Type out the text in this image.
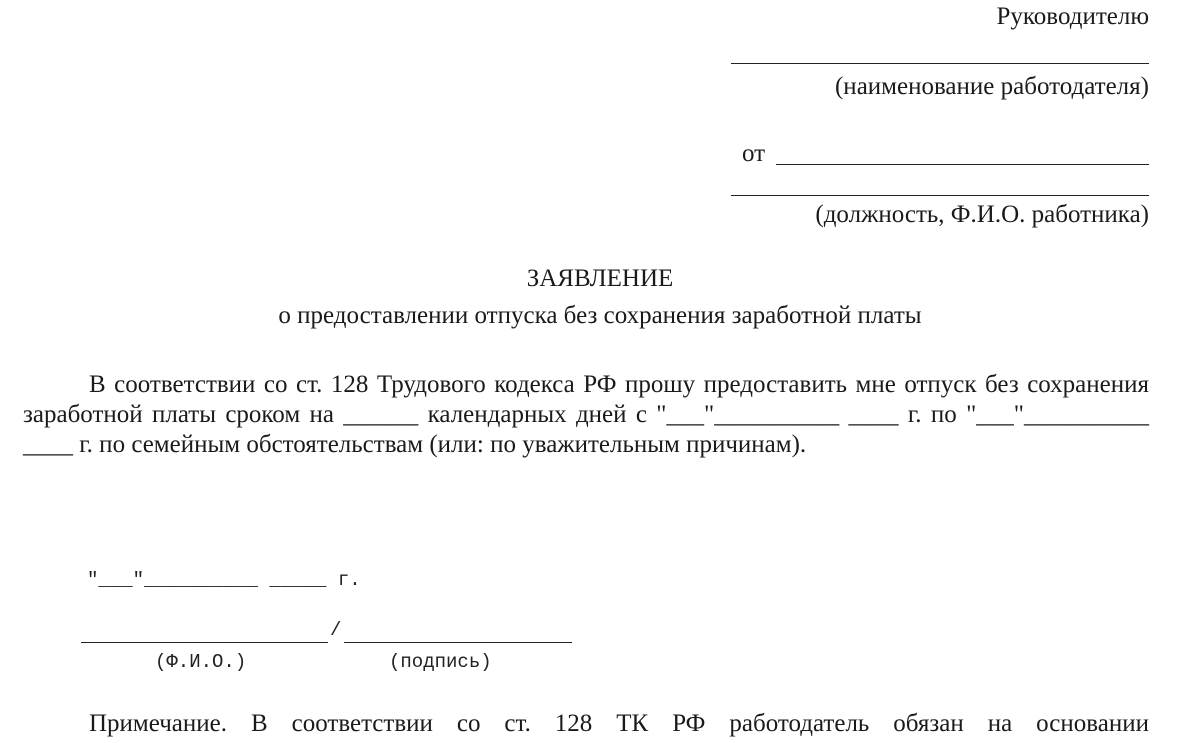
Руководителю
(наименование работодателя)
от
(должность, Ф.И.О. работника)
ЗАЯВЛЕНИЕ
о предоставлении отпуска без сохранения заработной платы

В соответствии со ст. 128 Трудового кодекса РФ прошу предоставить мне отпуск без сохранения заработной платы сроком на ______ календарных дней с "___"__________ ____ г. по "___"__________ ____ г. по семейным обстоятельствам (или: по уважительным причинам).

"___"__________ _____ г.
/
(Ф.И.О.)	(подпись)
Примечание. В соответствии со ст. 128 ТК РФ работодатель обязан на основании
